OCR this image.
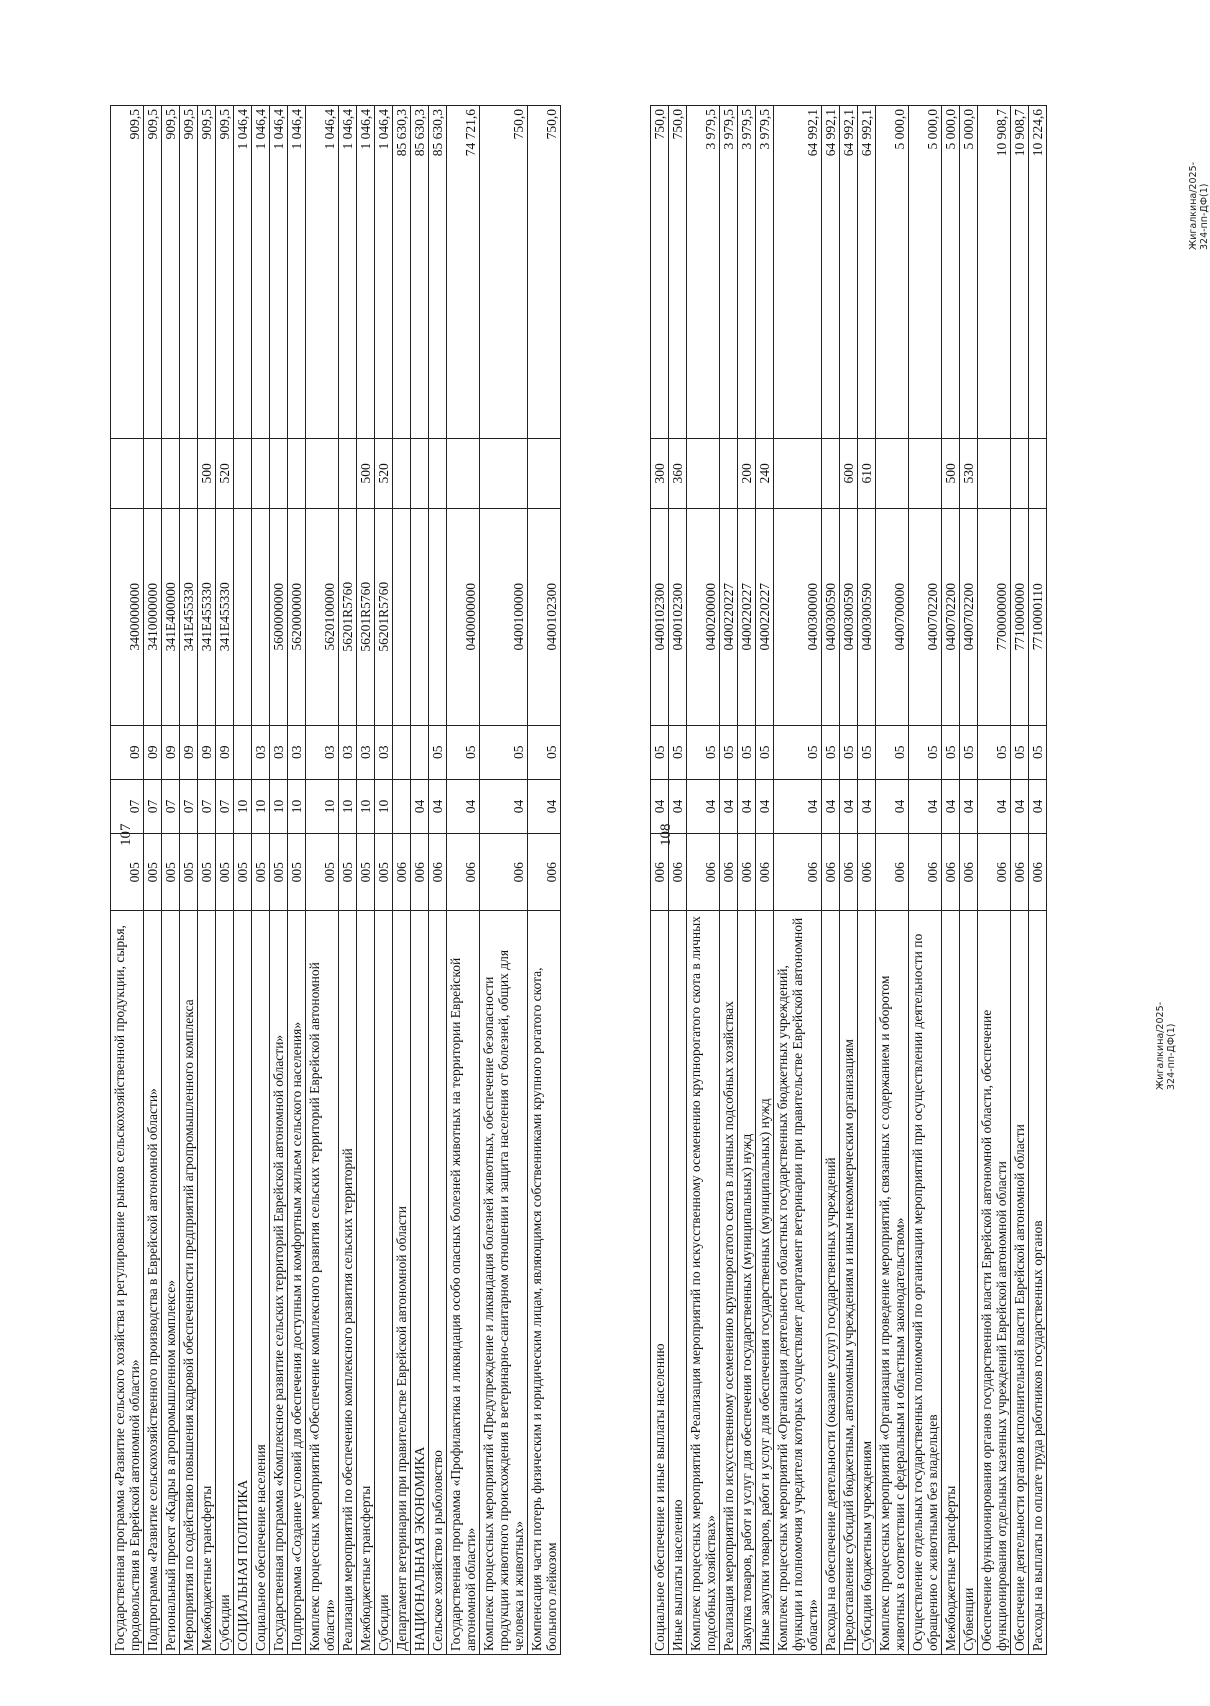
107
Государственная программа «Развитие сельского хозяйства и регулирование рынков сельскохозяйственной продукции, сырья, продовольствия в Еврейской автономной области»	005	07	09	3400000000		909,5
Подпрограмма «Развитие сельскохозяйственного производства в Еврейской автономной области»	005	07	09	3410000000		909,5
Региональный проект «Кадры в агропромышленном комплексе»	005	07	09	341Е400000		909,5
Мероприятия по содействию повышения кадровой обеспеченности предприятий агропромышленного комплекса	005	07	09	341Е455330		909,5
Межбюджетные трансферты	005	07	09	341Е455330	500	909,5
Субсидии	005	07	09	341Е455330	520	909,5
СОЦИАЛЬНАЯ ПОЛИТИКА	005	10				1 046,4
Социальное обеспечение населения	005	10	03			1 046,4
Государственная программа «Комплексное развитие сельских территорий Еврейской автономной области»	005	10	03	5600000000		1 046,4
Подпрограмма «Создание условий для обеспечения доступным и комфортным жильем сельского населения»	005	10	03	5620000000		1 046,4
Комплекс процессных мероприятий «Обеспечение комплексного развития сельских территорий Еврейской автономной области»	005	10	03	5620100000		1 046,4
Реализация мероприятий по обеспечению комплексного развития сельских территорий	005	10	03	56201R5760		1 046,4
Межбюджетные трансферты	005	10	03	56201R5760	500	1 046,4
Субсидии	005	10	03	56201R5760	520	1 046,4
Департамент ветеринарии при правительстве Еврейской автономной области	006					85 630,3
НАЦИОНАЛЬНАЯ ЭКОНОМИКА	006	04				85 630,3
Сельское хозяйство и рыболовство	006	04	05			85 630,3
Государственная программа «Профилактика и ликвидация особо опасных болезней животных на территории Еврейской автономной области»	006	04	05	0400000000		74 721,6
Комплекс процессных мероприятий «Предупреждение и ликвидация болезней животных, обеспечение безопасности продукции животного происхождения в ветеринарно-санитарном отношении и защита населения от болезней, общих для человека и животных»	006	04	05	0400100000		750,0
Компенсация части потерь физическим и юридическим лицам, являющимся собственниками крупного рогатого скота, больного лейкозом	006	04	05	0400102300		750,0
Жигалкина/2025-324-пп-ДФ(1)
108
Социальное обеспечение и иные выплаты населению	006	04	05	0400102300	300	750,0
Иные выплаты населению	006	04	05	0400102300	360	750,0
Комплекс процессных мероприятий «Реализация мероприятий по искусственному осеменению крупнорогатого скота в личных подсобных хозяйствах»	006	04	05	0400200000		3 979,5
Реализация мероприятий по искусственному осеменению крупнорогатого скота в личных подсобных хозяйствах	006	04	05	0400220227		3 979,5
Закупка товаров, работ и услуг для обеспечения государственных (муниципальных) нужд	006	04	05	0400220227	200	3 979,5
Иные закупки товаров, работ и услуг для обеспечения государственных (муниципальных) нужд	006	04	05	0400220227	240	3 979,5
Комплекс процессных мероприятий «Организация деятельности областных государственных бюджетных учреждений, функции и полномочия учредителя которых осуществляет департамент ветеринарии при правительстве Еврейской автономной области»	006	04	05	0400300000		64 992,1
Расходы на обеспечение деятельности (оказание услуг) государственных учреждений	006	04	05	0400300590		64 992,1
Предоставление субсидий бюджетным, автономным учреждениям и иным некоммерческим организациям	006	04	05	0400300590	600	64 992,1
Субсидии бюджетным учреждениям	006	04	05	0400300590	610	64 992,1
Комплекс процессных мероприятий «Организация и проведение мероприятий, связанных с содержанием и оборотом животных в соответствии с федеральным и областным законодательством»	006	04	05	0400700000		5 000,0
Осуществление отдельных государственных полномочий по организации мероприятий при осуществлении деятельности по обращению с животными без владельцев	006	04	05	0400702200		5 000,0
Межбюджетные трансферты	006	04	05	0400702200	500	5 000,0
Субвенции	006	04	05	0400702200	530	5 000,0
Обеспечение функционирования органов государственной власти Еврейской автономной области, обеспечение функционирования отдельных казенных учреждений Еврейской автономной области	006	04	05	7700000000		10 908,7
Обеспечение деятельности органов исполнительной власти Еврейской автономной области	006	04	05	7710000000		10 908,7
Расходы на выплаты по оплате труда работников государственных органов	006	04	05	7710000110		10 224,6
Жигалкина/2025-324-пп-ДФ(1)
